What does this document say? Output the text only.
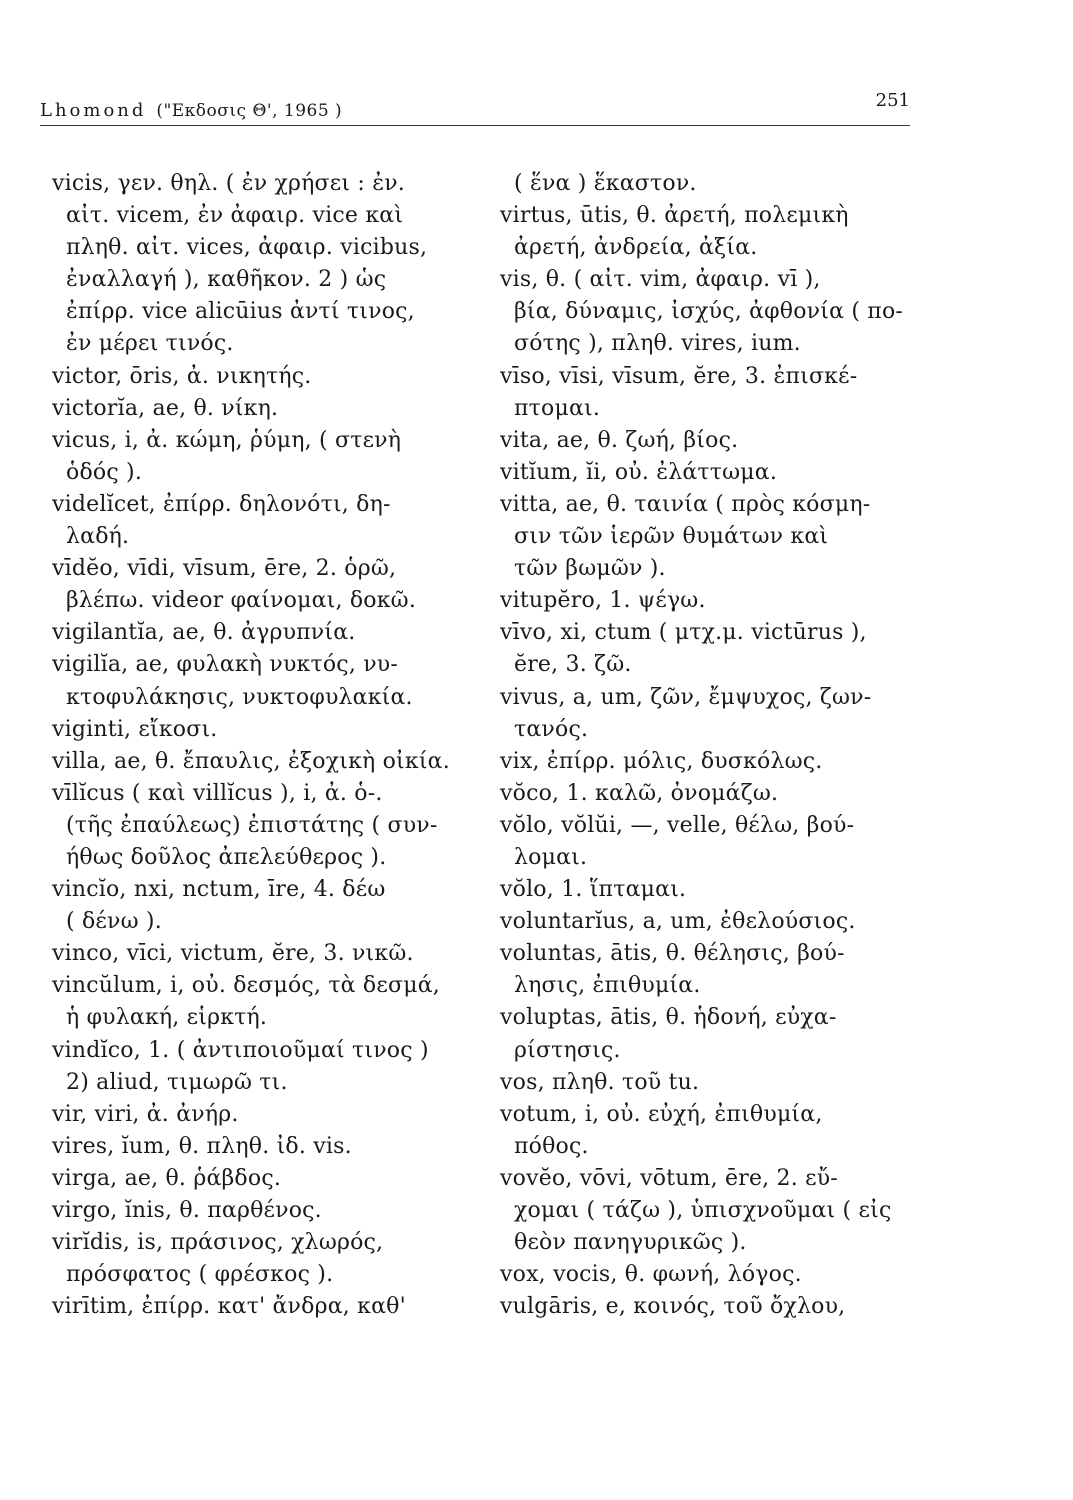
Lhomond ("Εκδοσις Θ', 1965 )	251
vicis, γεν. θηλ. ( ἐν χρήσει : ἐν.
αἰτ. vicem, ἐν ἀφαιρ. vice καὶ
πληθ. αἰτ. vices, ἀφαιρ. vicibus,
ἐναλλαγή ), καθῆκον. 2 ) ὡς
ἐπίρρ. vice alicūius ἀντί τινος,
ἐν μέρει τινός.
victor, ōris, ἀ. νικητής.
victorĭa, ae, θ. νίκη.
vicus, i, ἀ. κώμη, ῥύμη, ( στενὴ
ὁδός ).
videlĭcet, ἐπίρρ. δηλονότι, δη-
λαδή.
vīdĕo, vīdi, vīsum, ēre, 2. ὁρῶ,
βλέπω. videor φαίνομαι, δοκῶ.
vigilantĭa, ae, θ. ἀγρυπνία.
vigilĭa, ae, φυλακὴ νυκτός, νυ-
κτοφυλάκησις, νυκτοφυλακία.
viginti, εἴκοσι.
villa, ae, θ. ἔπαυλις, ἐξοχικὴ οἰκία.
vīlĭcus ( καὶ villĭcus ), i, ἀ. ὁ-.
(τῆς ἐπαύλεως) ἐπιστάτης ( συν-
ήθως δοῦλος ἀπελεύθερος ).
vincĭo, nxi, nctum, īre, 4. δέω
( δένω ).
vinco, vīci, victum, ĕre, 3. νικῶ.
vincŭlum, i, οὐ. δεσμός, τὰ δεσμά,
ἡ φυλακή, εἱρκτή.
vindĭco, 1. ( ἀντιποιοῦμαί τινος )
2) aliud, τιμωρῶ τι.
vir, viri, ἀ. ἀνήρ.
vires, ĭum, θ. πληθ. ἰδ. vis.
virga, ae, θ. ῥάβδος.
virgo, ĭnis, θ. παρθένος.
virĭdis, is, πράσινος, χλωρός,
πρόσφατος ( φρέσκος ).
virītim, ἐπίρρ. κατ' ἄνδρα, καθ'
( ἕνα ) ἕκαστον.
virtus, ūtis, θ. ἀρετή, πολεμικὴ
ἀρετή, ἀνδρεία, ἀξία.
vis, θ. ( αἰτ. vim, ἀφαιρ. vī ),
βία, δύναμις, ἰσχύς, ἀφθονία ( πο-
σότης ), πληθ. vires, ium.
vīso, vīsi, vīsum, ĕre, 3. ἐπισκέ-
πτομαι.
vita, ae, θ. ζωή, βίος.
vitĭum, ĭi, οὐ. ἐλάττωμα.
vitta, ae, θ. ταινία ( πρὸς κόσμη-
σιν τῶν ἱερῶν θυμάτων καὶ
τῶν βωμῶν ).
vitupĕro, 1. ψέγω.
vīvo, xi, ctum ( μτχ.μ. victūrus ),
ĕre, 3. ζῶ.
vivus, a, um, ζῶν, ἔμψυχος, ζων-
τανός.
vix, ἐπίρρ. μόλις, δυσκόλως.
vŏco, 1. καλῶ, ὀνομάζω.
vŏlo, vŏlŭi, —, velle, θέλω, βού-
λομαι.
vŏlo, 1. ἵπταμαι.
voluntarĭus, a, um, ἐθελούσιος.
voluntas, ātis, θ. θέλησις, βού-
λησις, ἐπιθυμία.
voluptas, ātis, θ. ἡδονή, εὐχα-
ρίστησις.
vos, πληθ. τοῦ tu.
votum, i, οὐ. εὐχή, ἐπιθυμία,
πόθος.
vovĕo, vōvi, vōtum, ēre, 2. εὔ-
χομαι ( τάζω ), ὑπισχνοῦμαι ( εἰς
θεὸν πανηγυρικῶς ).
vox, vocis, θ. φωνή, λόγος.
vulgāris, e, κοινός, τοῦ ὄχλου,
